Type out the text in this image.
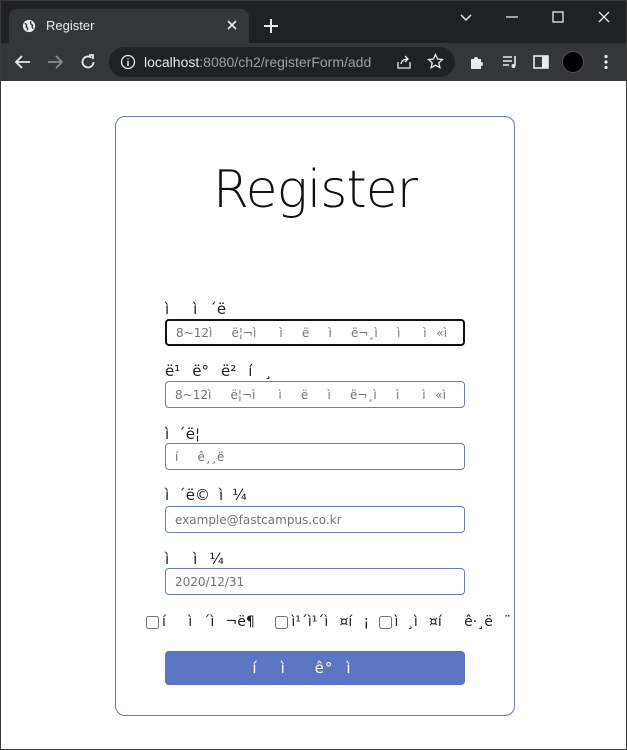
Register
localhost:8080/ch2/registerForm/add
Register
ìì´ë
8~12ìë¦¬ì ìëìë¬¸ìì ì«ì
ë¹ë°ë²í¸
8~12ìë¦¬ì ìëìë¬¸ìì ì«ì
ì´ë¦
íê¸¸ë
ì´ë©ì¼
example@fastcampus.co.kr
ìì¼
2020/12/31
íì´ì¬ë¶
ì¹´ì¹´ì¤í¡
ì¸ì¤íê·¸ë¨
íì ê°ì
